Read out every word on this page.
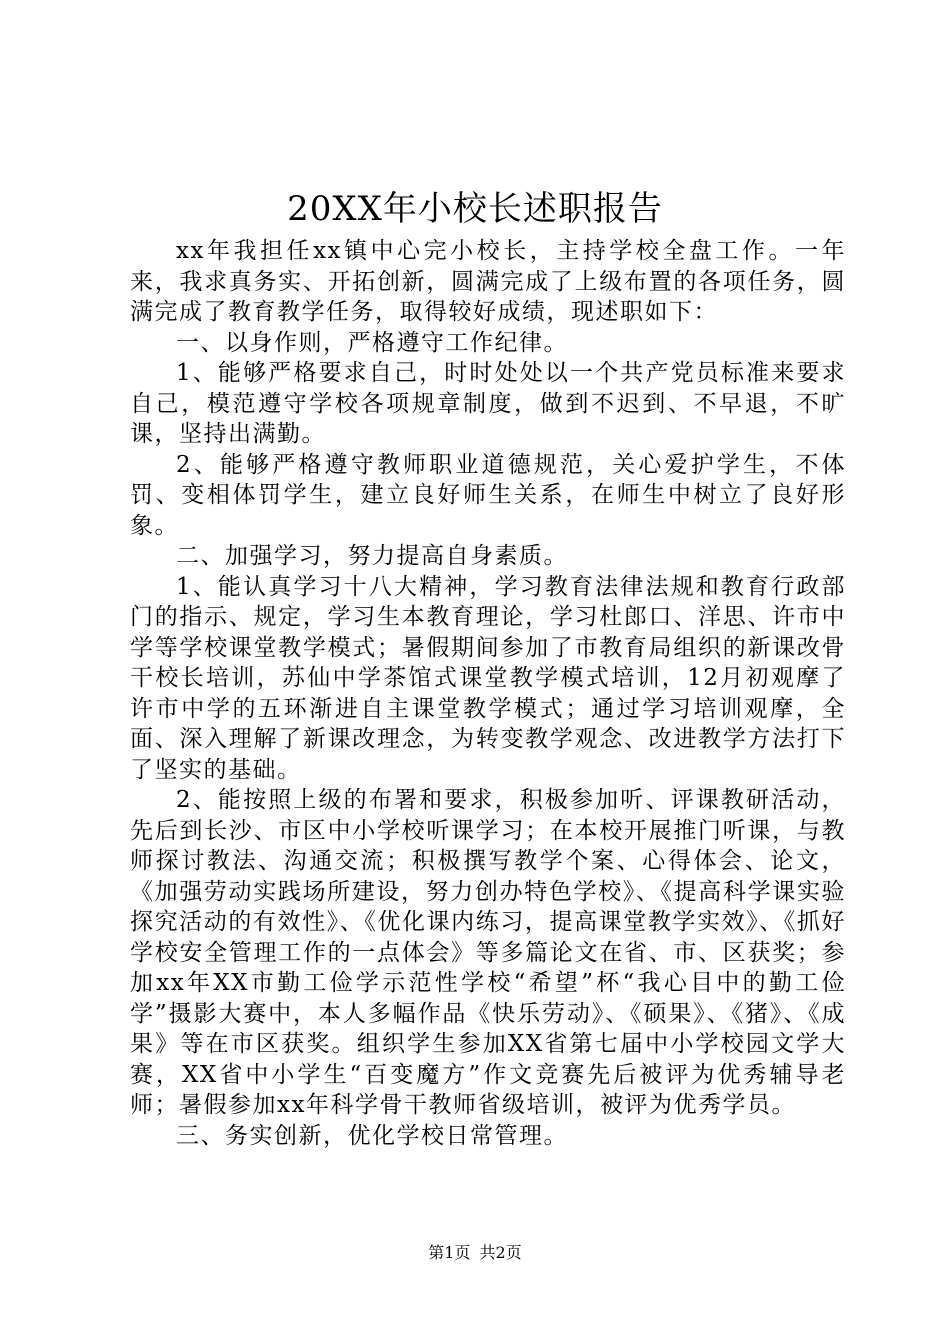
20XX年小校长述职报告

xx年我担任xx镇中心完小校长，主持学校全盘工作。一年来，我求真务实、开拓创新，圆满完成了上级布置的各项任务，圆满完成了教育教学任务，取得较好成绩，现述职如下：

一、以身作则，严格遵守工作纪律。

1、能够严格要求自己，时时处处以一个共产党员标准来要求自己，模范遵守学校各项规章制度，做到不迟到、不早退，不旷课，坚持出满勤。

2、能够严格遵守教师职业道德规范，关心爱护学生，不体罚、变相体罚学生，建立良好师生关系，在师生中树立了良好形象。

二、加强学习，努力提高自身素质。

1、能认真学习十八大精神，学习教育法律法规和教育行政部门的指示、规定，学习生本教育理论，学习杜郎口、洋思、许市中学等学校课堂教学模式；暑假期间参加了市教育局组织的新课改骨干校长培训，苏仙中学茶馆式课堂教学模式培训，12月初观摩了许市中学的五环渐进自主课堂教学模式；通过学习培训观摩，全面、深入理解了新课改理念，为转变教学观念、改进教学方法打下了坚实的基础。

2、能按照上级的布署和要求，积极参加听、评课教研活动，先后到长沙、市区中小学校听课学习；在本校开展推门听课，与教师探讨教法、沟通交流；积极撰写教学个案、心得体会、论文，《加强劳动实践场所建设，努力创办特色学校》、《提高科学课实验探究活动的有效性》、《优化课内练习，提高课堂教学实效》、《抓好学校安全管理工作的一点体会》等多篇论文在省、市、区获奖；参加xx年XX市勤工俭学示范性学校“希望”杯“我心目中的勤工俭学”摄影大赛中，本人多幅作品《快乐劳动》、《硕果》、《猪》、《成果》等在市区获奖。组织学生参加XX省第七届中小学校园文学大赛，XX省中小学生“百变魔方”作文竞赛先后被评为优秀辅导老师；暑假参加xx年科学骨干教师省级培训，被评为优秀学员。

三、务实创新，优化学校日常管理。

第1页 共2页
